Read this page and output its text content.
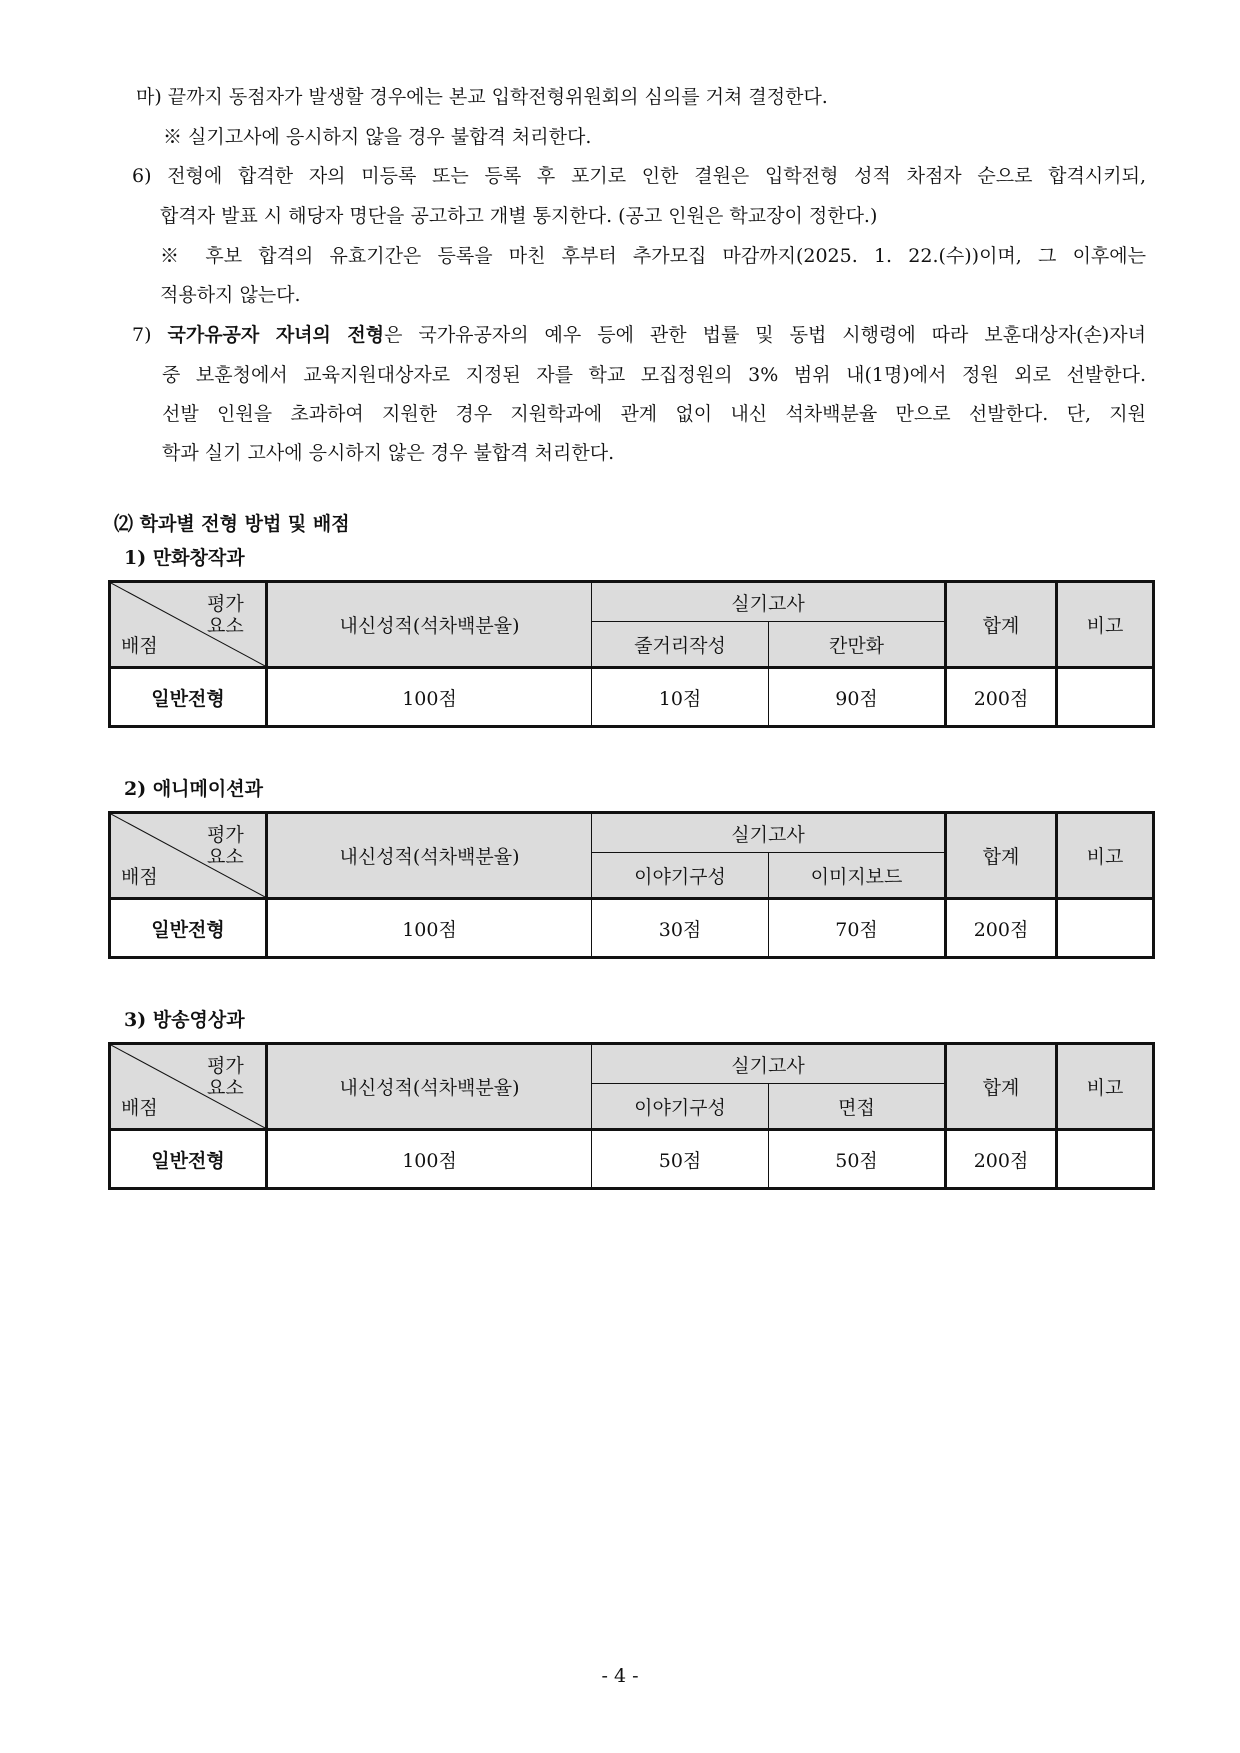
마) 끝까지 동점자가 발생할 경우에는 본교 입학전형위원회의 심의를 거쳐 결정한다.
※ 실기고사에 응시하지 않을 경우 불합격 처리한다.
6) 전형에 합격한 자의 미등록 또는 등록 후 포기로 인한 결원은 입학전형 성적 차점자 순으로 합격시키되,
합격자 발표 시 해당자 명단을 공고하고 개별 통지한다. (공고 인원은 학교장이 정한다.)
※ 후보 합격의 유효기간은 등록을 마친 후부터 추가모집 마감까지(2025. 1. 22.(수))이며, 그 이후에는
적용하지 않는다.
7) 국가유공자 자녀의 전형은 국가유공자의 예우 등에 관한 법률 및 동법 시행령에 따라 보훈대상자(손)자녀
중 보훈청에서 교육지원대상자로 지정된 자를 학교 모집정원의 3% 범위 내(1명)에서 정원 외로 선발한다.
선발 인원을 초과하여 지원한 경우 지원학과에 관계 없이 내신 석차백분율 만으로 선발한다. 단, 지원
학과 실기 고사에 응시하지 않은 경우 불합격 처리한다.
⑵ 학과별 전형 방법 및 배점
1) 만화창작과
평가
요소
배점	내신성적(석차백분율)	실기고사		합계	비고
		줄거리작성	칸만화		
일반전형	100점	10점	90점	200점	
2) 애니메이션과
평가
요소
배점	내신성적(석차백분율)	실기고사		합계	비고
		이야기구성	이미지보드		
일반전형	100점	30점	70점	200점	
3) 방송영상과
평가
요소
배점	내신성적(석차백분율)	실기고사		합계	비고
		이야기구성	면접		
일반전형	100점	50점	50점	200점	
- 4 -
